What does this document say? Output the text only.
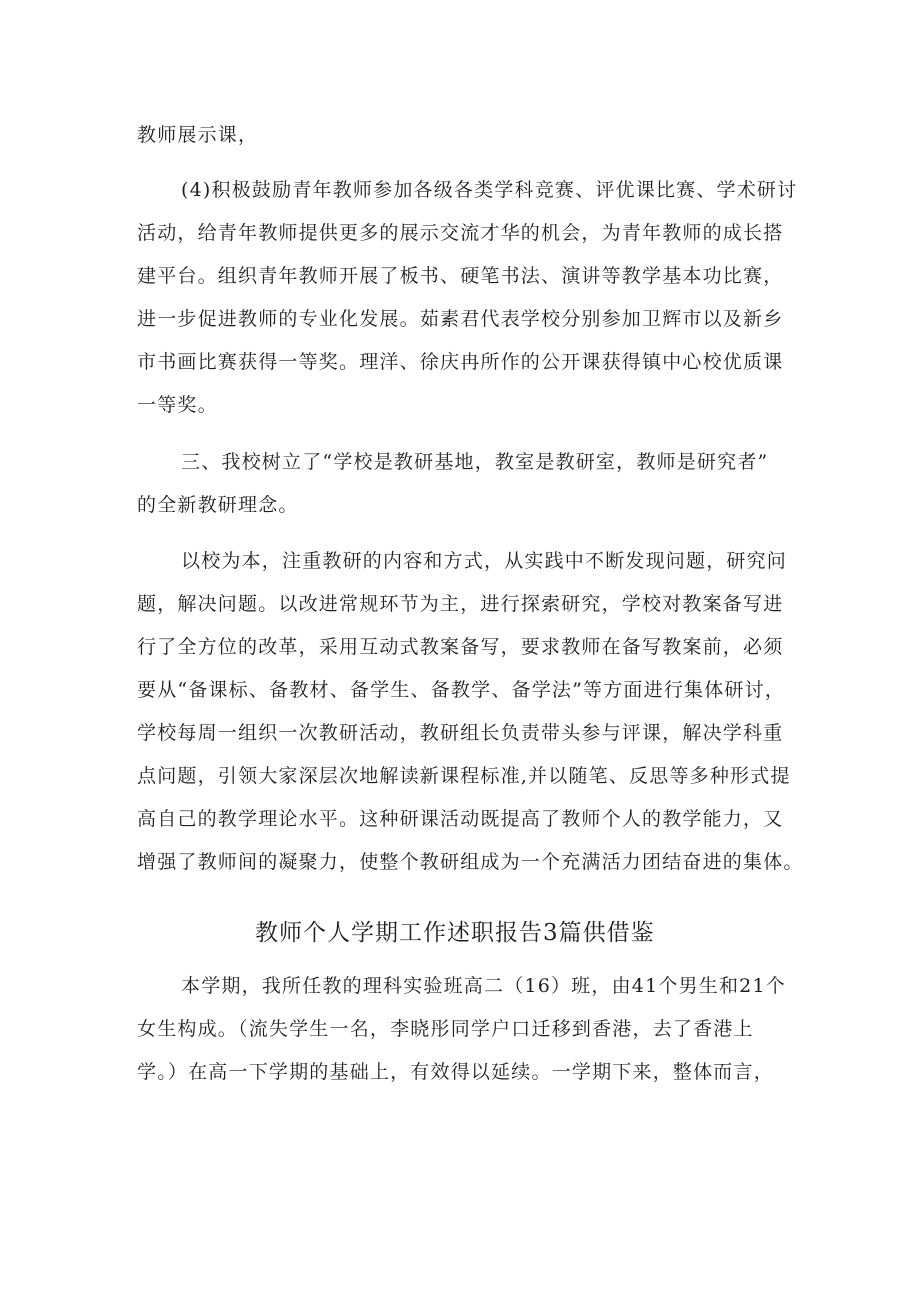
教师展示课，
(4)积极鼓励青年教师参加各级各类学科竞赛、评优课比赛、学术研讨
活动，给青年教师提供更多的展示交流才华的机会，为青年教师的成长搭
建平台。组织青年教师开展了板书、硬笔书法、演讲等教学基本功比赛，
进一步促进教师的专业化发展。茹素君代表学校分别参加卫辉市以及新乡
市书画比赛获得一等奖。理洋、徐庆冉所作的公开课获得镇中心校优质课
一等奖。
三、我校树立了“学校是教研基地，教室是教研室，教师是研究者”
的全新教研理念。
以校为本，注重教研的内容和方式，从实践中不断发现问题，研究问
题，解决问题。以改进常规环节为主，进行探索研究，学校对教案备写进
行了全方位的改革，采用互动式教案备写，要求教师在备写教案前，必须
要从“备课标、备教材、备学生、备教学、备学法”等方面进行集体研讨，
学校每周一组织一次教研活动，教研组长负责带头参与评课，解决学科重
点问题，引领大家深层次地解读新课程标准,并以随笔、反思等多种形式提
高自己的教学理论水平。这种研课活动既提高了教师个人的教学能力，又
增强了教师间的凝聚力，使整个教研组成为一个充满活力团结奋进的集体。
教师个人学期工作述职报告3篇供借鉴
本学期，我所任教的理科实验班高二（16）班，由41个男生和21个
女生构成。（流失学生一名，李晓彤同学户口迁移到香港，去了香港上
学。）在高一下学期的基础上，有效得以延续。一学期下来，整体而言，
